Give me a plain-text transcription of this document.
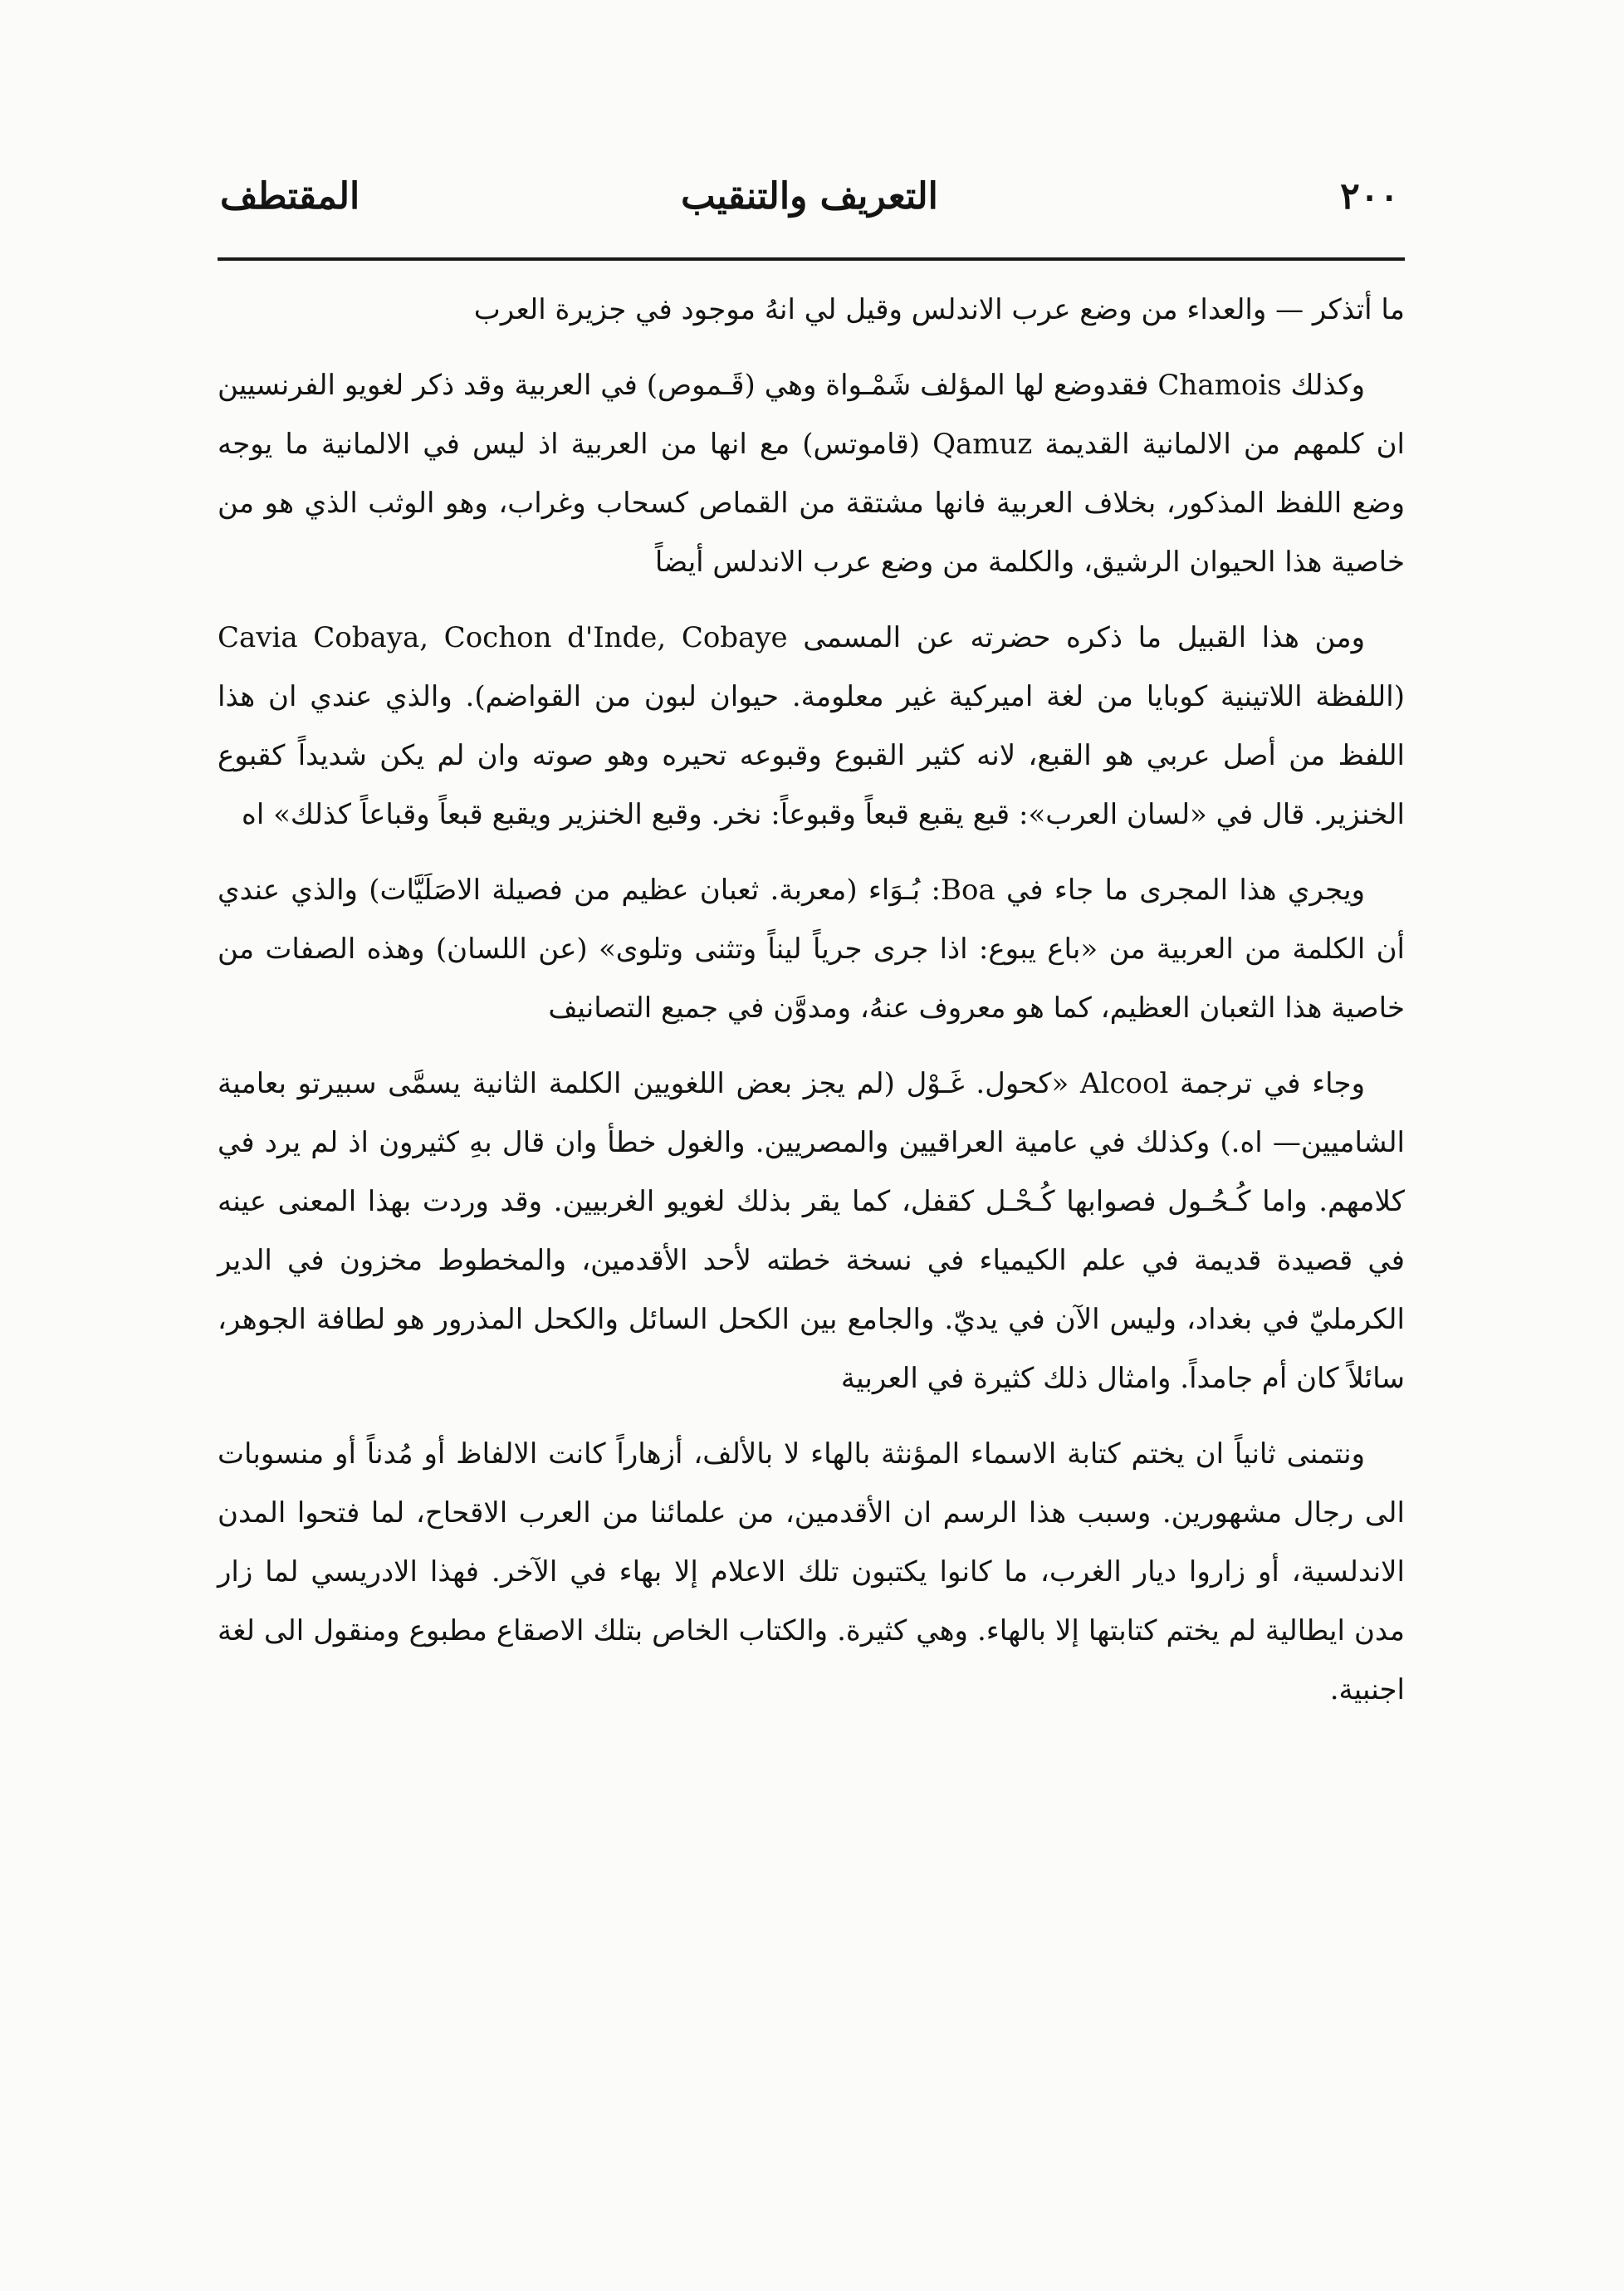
٢٠٠
التعريف والتنقيب
المقتطف

ما أتذكر — والعداء من وضع عرب الاندلس وقيل لي انهُ موجود في جزيرة العرب

وكذلك Chamois فقدوضع لها المؤلف شَمْـواة وهي (قَـموص) في العربية وقد ذكر لغويو الفرنسيين ان كلمهم من الالمانية القديمة Qamuz (قاموتس) مع انها من العربية اذ ليس في الالمانية ما يوجه وضع اللفظ المذكور، بخلاف العربية فانها مشتقة من القماص كسحاب وغراب، وهو الوثب الذي هو من خاصية هذا الحيوان الرشيق، والكلمة من وضع عرب الاندلس أيضاً

ومن هذا القبيل ما ذكره حضرته عن المسمى Cavia Cobaya, Cochon d'Inde, Cobaye (اللفظة اللاتينية كوبايا من لغة اميركية غير معلومة. حيوان لبون من القواضم). والذي عندي ان هذا اللفظ من أصل عربي هو القبع، لانه كثير القبوع وقبوعه تحيره وهو صوته وان لم يكن شديداً كقبوع الخنزير. قال في «لسان العرب»: قبع يقبع قبعاً وقبوعاً: نخر. وقبع الخنزير ويقبع قبعاً وقباعاً كذلك» اه

ويجري هذا المجرى ما جاء في Boa: بُـوَاء (معربة. ثعبان عظيم من فصيلة الاصَلَيَّات) والذي عندي أن الكلمة من العربية من «باع يبوع: اذا جرى جرياً ليناً وتثنى وتلوى» (عن اللسان) وهذه الصفات من خاصية هذا الثعبان العظيم، كما هو معروف عنهُ، ومدوَّن في جميع التصانيف

وجاء في ترجمة Alcool «كحول. غَـوْل (لم يجز بعض اللغويين الكلمة الثانية يسمَّى سبيرتو بعامية الشاميين— اه.) وكذلك في عامية العراقيين والمصريين. والغول خطأ وان قال بهِ كثيرون اذ لم يرد في كلامهم. واما كُـحُـول فصوابها كُـحْـل كقفل، كما يقر بذلك لغويو الغربيين. وقد وردت بهذا المعنى عينه في قصيدة قديمة في علم الكيمياء في نسخة خطته لأحد الأقدمين، والمخطوط مخزون في الدير الكرمليّ في بغداد، وليس الآن في يديّ. والجامع بين الكحل السائل والكحل المذرور هو لطافة الجوهر، سائلاً كان أم جامداً. وامثال ذلك كثيرة في العربية

ونتمنى ثانياً ان يختم كتابة الاسماء المؤنثة بالهاء لا بالألف، أزهاراً كانت الالفاظ أو مُدناً أو منسوبات الى رجال مشهورين. وسبب هذا الرسم ان الأقدمين، من علمائنا من العرب الاقحاح، لما فتحوا المدن الاندلسية، أو زاروا ديار الغرب، ما كانوا يكتبون تلك الاعلام إلا بهاء في الآخر. فهذا الادريسي لما زار مدن ايطالية لم يختم كتابتها إلا بالهاء. وهي كثيرة. والكتاب الخاص بتلك الاصقاع مطبوع ومنقول الى لغة اجنبية.
